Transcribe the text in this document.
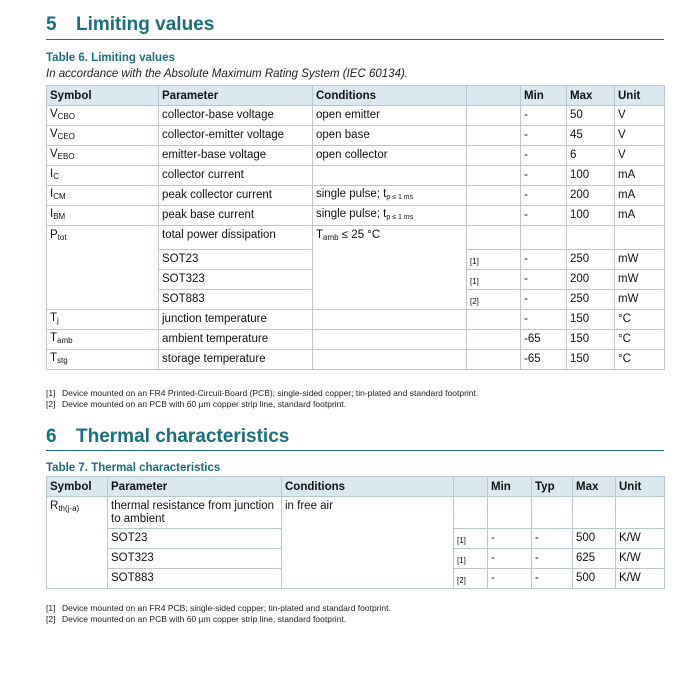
5 Limiting values
Table 6. Limiting values
In accordance with the Absolute Maximum Rating System (IEC 60134).
Symbol	Parameter	Conditions		Min	Max	Unit
$V_{CBO}$	collector-base voltage	open emitter		-	50	V
$V_{CEO}$	collector-emitter voltage	open base		-	45	V
$V_{EBO}$	emitter-base voltage	open collector		-	6	V
$I_C$	collector current			-	100	mA
$I_{CM}$	peak collector current	single pulse; tp ≤ 1 ms		-	200	mA
$I_{BM}$	peak base current	single pulse; tp ≤ 1 ms		-	100	mA
$P_{tot}$	total power dissipation	$T_{amb} \le 25$ °C				
	SOT23		[1]	-	250	mW
	SOT323		[1]	-	200	mW
	SOT883		[2]	-	250	mW
$T_j$	junction temperature			-	150	°C
$T_{amb}$	ambient temperature			-65	150	°C
$T_{stg}$	storage temperature			-65	150	°C
[1] Device mounted on an FR4 Printed-Circuit-Board (PCB); single-sided copper; tin-plated and standard footprint.
[2] Device mounted on an PCB with 60 µm copper strip line, standard footprint.
6 Thermal characteristics
Table 7. Thermal characteristics
Symbol	Parameter	Conditions		Min	Typ	Max	Unit
$R_{th(j-a)}$	thermal resistance from junction to ambient	in free air					
	SOT23		[1]	-	-	500	K/W
	SOT323		[1]	-	-	625	K/W
	SOT883		[2]	-	-	500	K/W
[1] Device mounted on an FR4 PCB; single-sided copper; tin-plated and standard footprint.
[2] Device mounted on an PCB with 60 µm copper strip line, standard footprint.
